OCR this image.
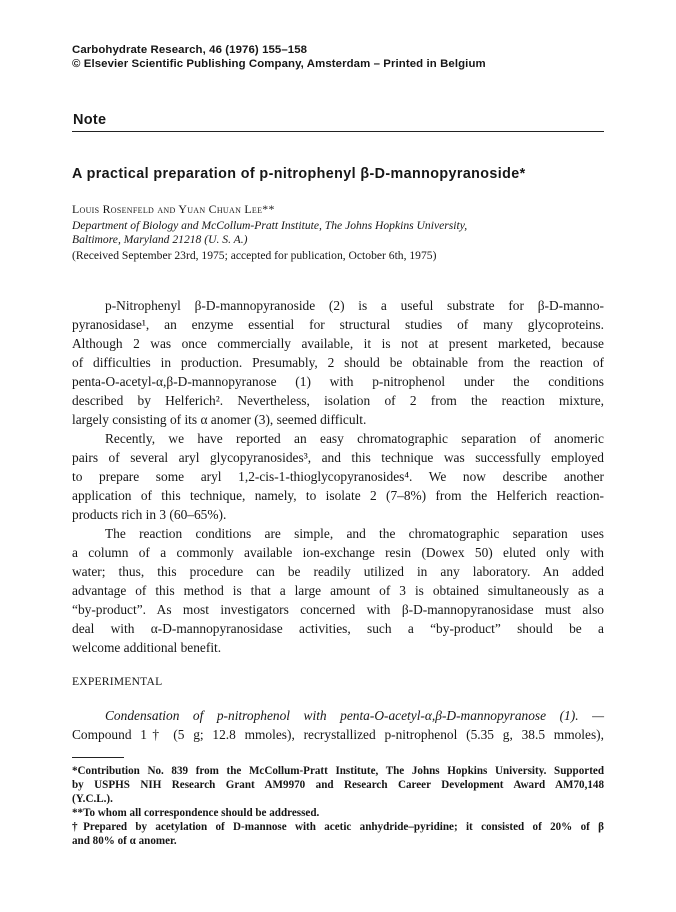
Carbohydrate Research, 46 (1976) 155–158
© Elsevier Scientific Publishing Company, Amsterdam – Printed in Belgium
Note
A practical preparation of p-nitrophenyl β-D-mannopyranoside*
Louis Rosenfeld and Yuan Chuan Lee**
Department of Biology and McCollum-Pratt Institute, The Johns Hopkins University,
Baltimore, Maryland 21218 (U. S. A.)
(Received September 23rd, 1975; accepted for publication, October 6th, 1975)
p-Nitrophenyl β-D-mannopyranoside (2) is a useful substrate for β-D-manno-
pyranosidase¹, an enzyme essential for structural studies of many glycoproteins.
Although 2 was once commercially available, it is not at present marketed, because
of difficulties in production. Presumably, 2 should be obtainable from the reaction of
penta-O-acetyl-α,β-D-mannopyranose (1) with p-nitrophenol under the conditions
described by Helferich². Nevertheless, isolation of 2 from the reaction mixture,
largely consisting of its α anomer (3), seemed difficult.
Recently, we have reported an easy chromatographic separation of anomeric
pairs of several aryl glycopyranosides³, and this technique was successfully employed
to prepare some aryl 1,2-cis-1-thioglycopyranosides⁴. We now describe another
application of this technique, namely, to isolate 2 (7–8%) from the Helferich reaction-
products rich in 3 (60–65%).
The reaction conditions are simple, and the chromatographic separation uses
a column of a commonly available ion-exchange resin (Dowex 50) eluted only with
water; thus, this procedure can be readily utilized in any laboratory. An added
advantage of this method is that a large amount of 3 is obtained simultaneously as a
“by-product”. As most investigators concerned with β-D-mannopyranosidase must also
deal with α-D-mannopyranosidase activities, such a “by-product” should be a
welcome additional benefit.
EXPERIMENTAL
Condensation of p-nitrophenol with penta-O-acetyl-α,β-D-mannopyranose (1). —
Compound 1† (5 g; 12.8 mmoles), recrystallized p-nitrophenol (5.35 g, 38.5 mmoles),
*Contribution No. 839 from the McCollum-Pratt Institute, The Johns Hopkins University. Supported
by USPHS NIH Research Grant AM9970 and Research Career Development Award AM70,148
(Y.C.L.).
**To whom all correspondence should be addressed.
†Prepared by acetylation of D-mannose with acetic anhydride–pyridine; it consisted of 20% of β
and 80% of α anomer.
